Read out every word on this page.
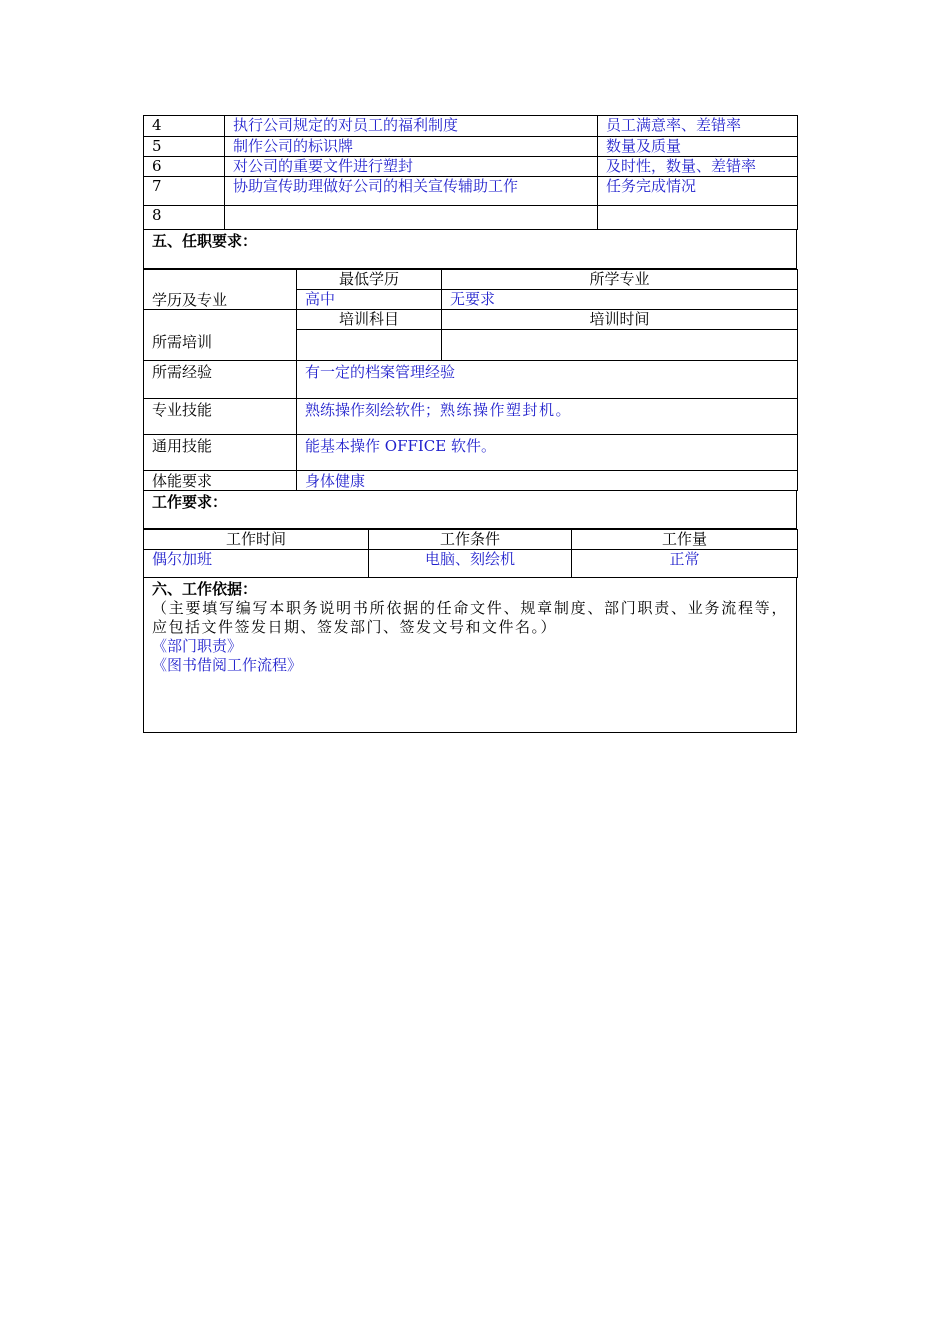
4	执行公司规定的对员工的福利制度	员工满意率、差错率
5	制作公司的标识牌	数量及质量
6	对公司的重要文件进行塑封	及时性，数量、差错率
7	协助宣传助理做好公司的相关宣传辅助工作	任务完成情况
8		
五、任职要求：
学历及专业	最低学历	所学专业
	高中	无要求
所需培训	培训科目	培训时间

所需经验	有一定的档案管理经验	
专业技能	熟练操作刻绘软件；熟练操作塑封机。	
通用技能	能基本操作 OFFICE 软件。	
体能要求	身体健康	
工作要求：
工作时间	工作条件	工作量
偶尔加班	电脑、刻绘机	正常
六、工作依据：
（主要填写编写本职务说明书所依据的任命文件、规章制度、部门职责、业务流程等，应包括文件签发日期、签发部门、签发文号和文件名。）
《部门职责》
《图书借阅工作流程》
